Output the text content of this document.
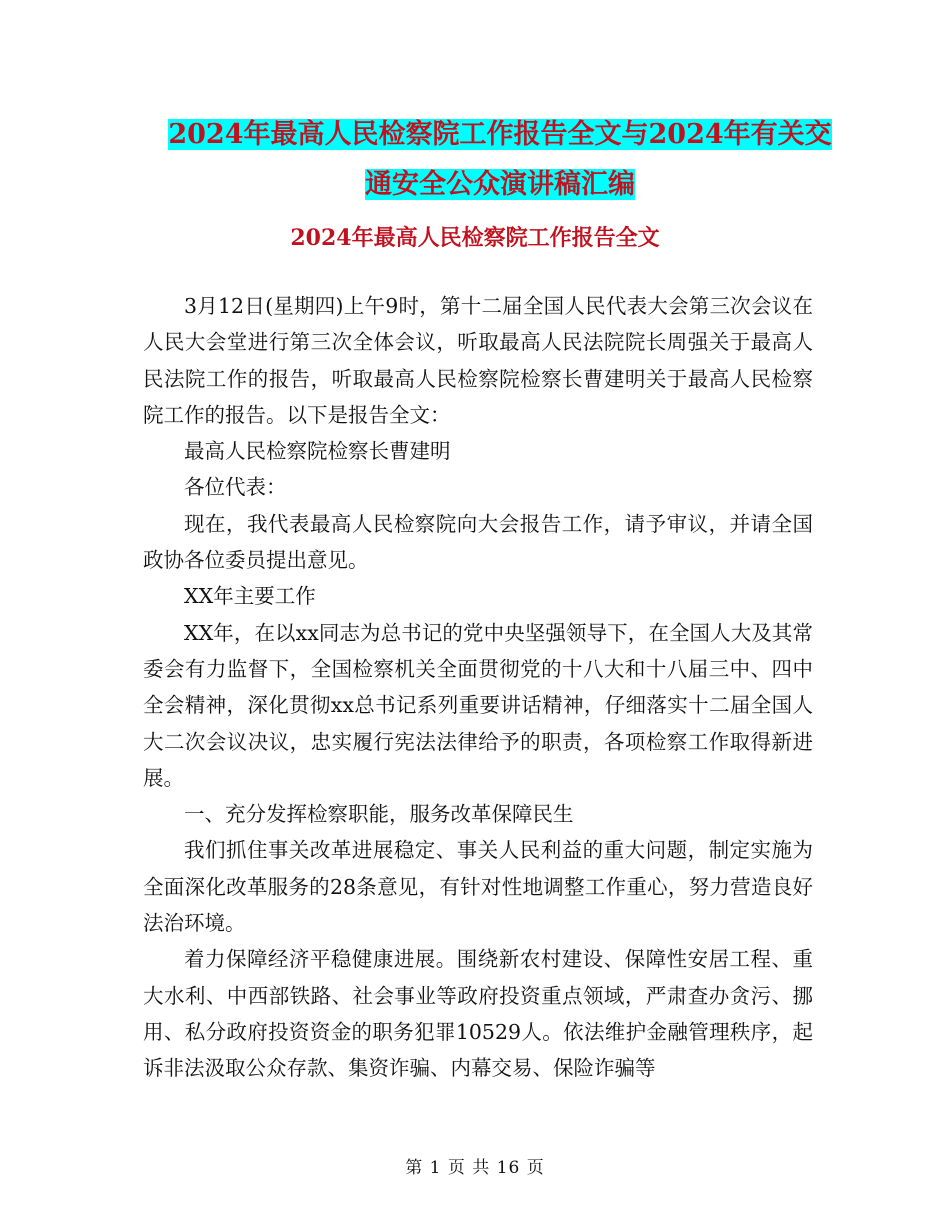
2024年最高人民检察院工作报告全文与2024年有关交
通安全公众演讲稿汇编
2024年最高人民检察院工作报告全文

3月12日(星期四)上午9时，第十二届全国人民代表大会第三次会议在人民大会堂进行第三次全体会议，听取最高人民法院院长周强关于最高人民法院工作的报告，听取最高人民检察院检察长曹建明关于最高人民检察院工作的报告。以下是报告全文：

最高人民检察院检察长曹建明

各位代表：

现在，我代表最高人民检察院向大会报告工作，请予审议，并请全国政协各位委员提出意见。

XX年主要工作

XX年，在以xx同志为总书记的党中央坚强领导下，在全国人大及其常委会有力监督下，全国检察机关全面贯彻党的十八大和十八届三中、四中全会精神，深化贯彻xx总书记系列重要讲话精神，仔细落实十二届全国人大二次会议决议，忠实履行宪法法律给予的职责，各项检察工作取得新进展。

一、充分发挥检察职能，服务改革保障民生

我们抓住事关改革进展稳定、事关人民利益的重大问题，制定实施为全面深化改革服务的28条意见，有针对性地调整工作重心，努力营造良好法治环境。

着力保障经济平稳健康进展。围绕新农村建设、保障性安居工程、重大水利、中西部铁路、社会事业等政府投资重点领域，严肃查办贪污、挪用、私分政府投资资金的职务犯罪10529人。依法维护金融管理秩序，起诉非法汲取公众存款、集资诈骗、内幕交易、保险诈骗等

第 1 页 共 16 页
